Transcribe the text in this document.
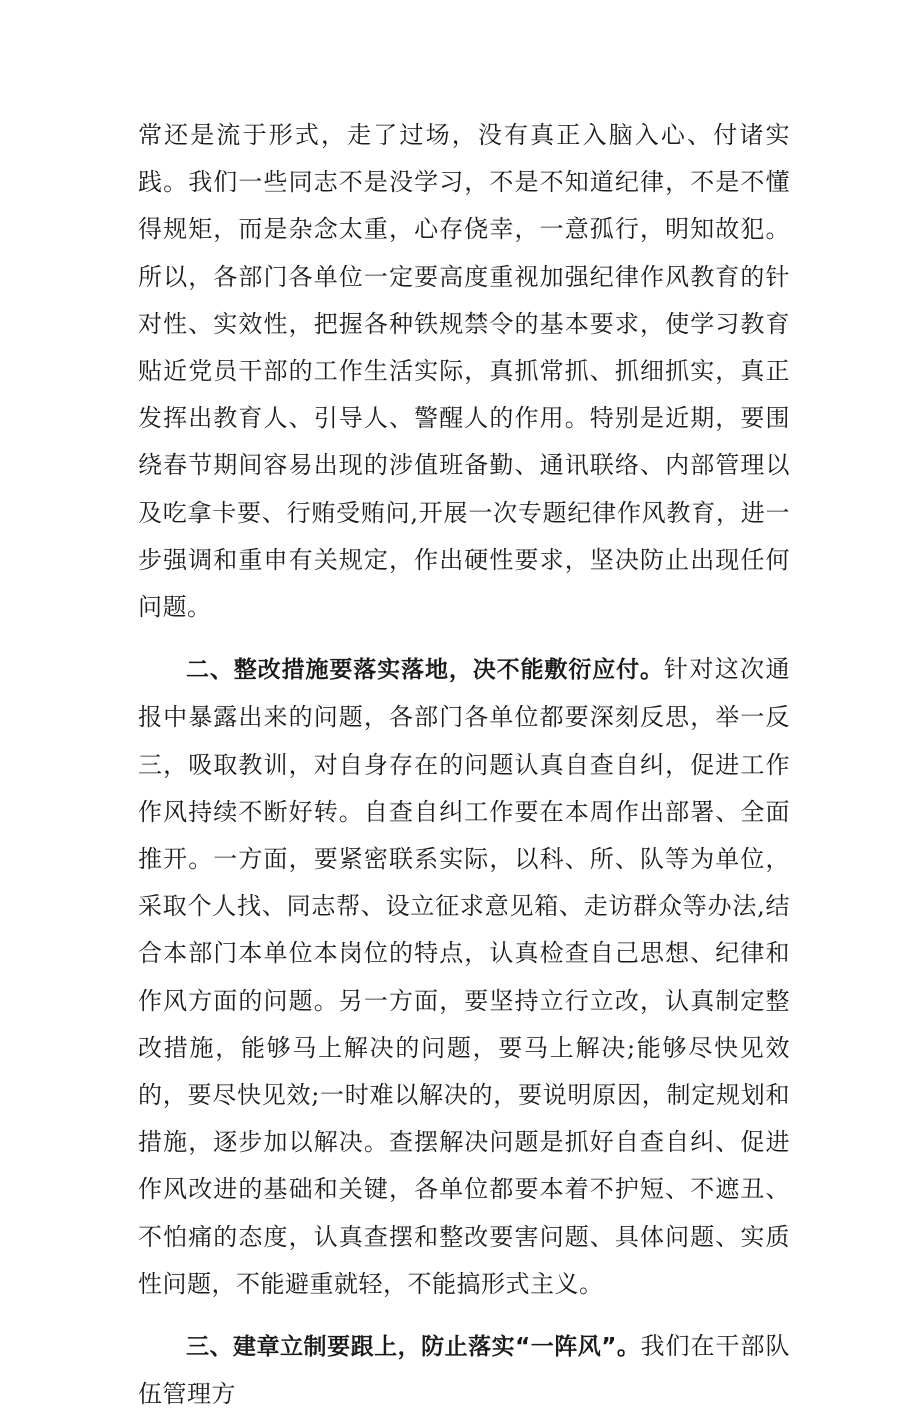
常还是流于形式，走了过场，没有真正入脑入心、付诸实践。我们一些同志不是没学习，不是不知道纪律，不是不懂得规矩，而是杂念太重，心存侥幸，一意孤行，明知故犯。所以，各部门各单位一定要高度重视加强纪律作风教育的针对性、实效性，把握各种铁规禁令的基本要求，使学习教育贴近党员干部的工作生活实际，真抓常抓、抓细抓实，真正发挥出教育人、引导人、警醒人的作用。特别是近期，要围绕春节期间容易出现的涉值班备勤、通讯联络、内部管理以及吃拿卡要、行贿受贿问,开展一次专题纪律作风教育，进一步强调和重申有关规定，作出硬性要求，坚决防止出现任何问题。

二、整改措施要落实落地，决不能敷衍应付。针对这次通报中暴露出来的问题，各部门各单位都要深刻反思，举一反三，吸取教训，对自身存在的问题认真自查自纠，促进工作作风持续不断好转。自查自纠工作要在本周作出部署、全面推开。一方面，要紧密联系实际，以科、所、队等为单位，采取个人找、同志帮、设立征求意见箱、走访群众等办法,结合本部门本单位本岗位的特点，认真检查自己思想、纪律和作风方面的问题。另一方面，要坚持立行立改，认真制定整改措施，能够马上解决的问题，要马上解决;能够尽快见效的，要尽快见效;一时难以解决的，要说明原因，制定规划和措施，逐步加以解决。查摆解决问题是抓好自查自纠、促进作风改进的基础和关键，各单位都要本着不护短、不遮丑、不怕痛的态度，认真查摆和整改要害问题、具体问题、实质性问题，不能避重就轻，不能搞形式主义。

三、建章立制要跟上，防止落实“一阵风”。我们在干部队伍管理方
